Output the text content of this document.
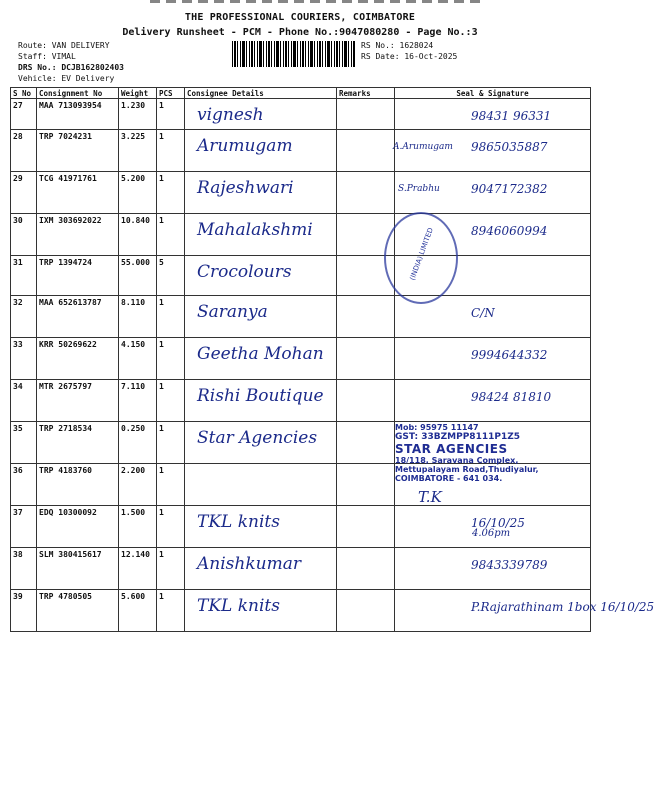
THE PROFESSIONAL COURIERS, COIMBATORE
Delivery Runsheet - PCM - Phone No.:9047080280 - Page No.:3
Route: VAN DELIVERY
Staff: VIMAL
DRS No.: DCJB162802403
Vehicle: EV Delivery
RS No.: 1628024
RS Date: 16-Oct-2025
S No	Consignment No	Weight	PCS	Consignee Details	Remarks	Seal & Signature
27	MAA 713093954	1.230	1	vignesh		98431 96331

28	TRP 7024231	3.225	1	Arumugam		9865035887

29	TCG 41971761	5.200	1	Rajeshwari		9047172382

30	IXM 303692022	10.840	1	Mahalakshmi		8946060994

31	TRP 1394724	55.000	5	Crocolours		

32	MAA 652613787	8.110	1	Saranya		C/N

33	KRR 50269622	4.150	1	Geetha Mohan		9994644332

34	MTR 2675797	7.110	1	Rishi Boutique		98424 81810

35	TRP 2718534	0.250	1	Star Agencies		

36	TRP 4183760	2.200	1	

37	EDQ 10300092	1.500	1	TKL knits		16/10/25

38	SLM 380415617	12.140	1	Anishkumar		9843339789

39	TRP 4780505	5.600	1	TKL knits		P.Rajarathinam 1box 16/10/25
A.Arumugam
S.Prabhu
(INDIA) LIMITED
Mob: 95975 11147
GST: 33BZMPP8111P1Z5
STAR AGENCIES
18/118, Saravana Complex,
Mettupalayam Road,Thudiyalur,
COIMBATORE - 641 034.
T.K
4.06pm
